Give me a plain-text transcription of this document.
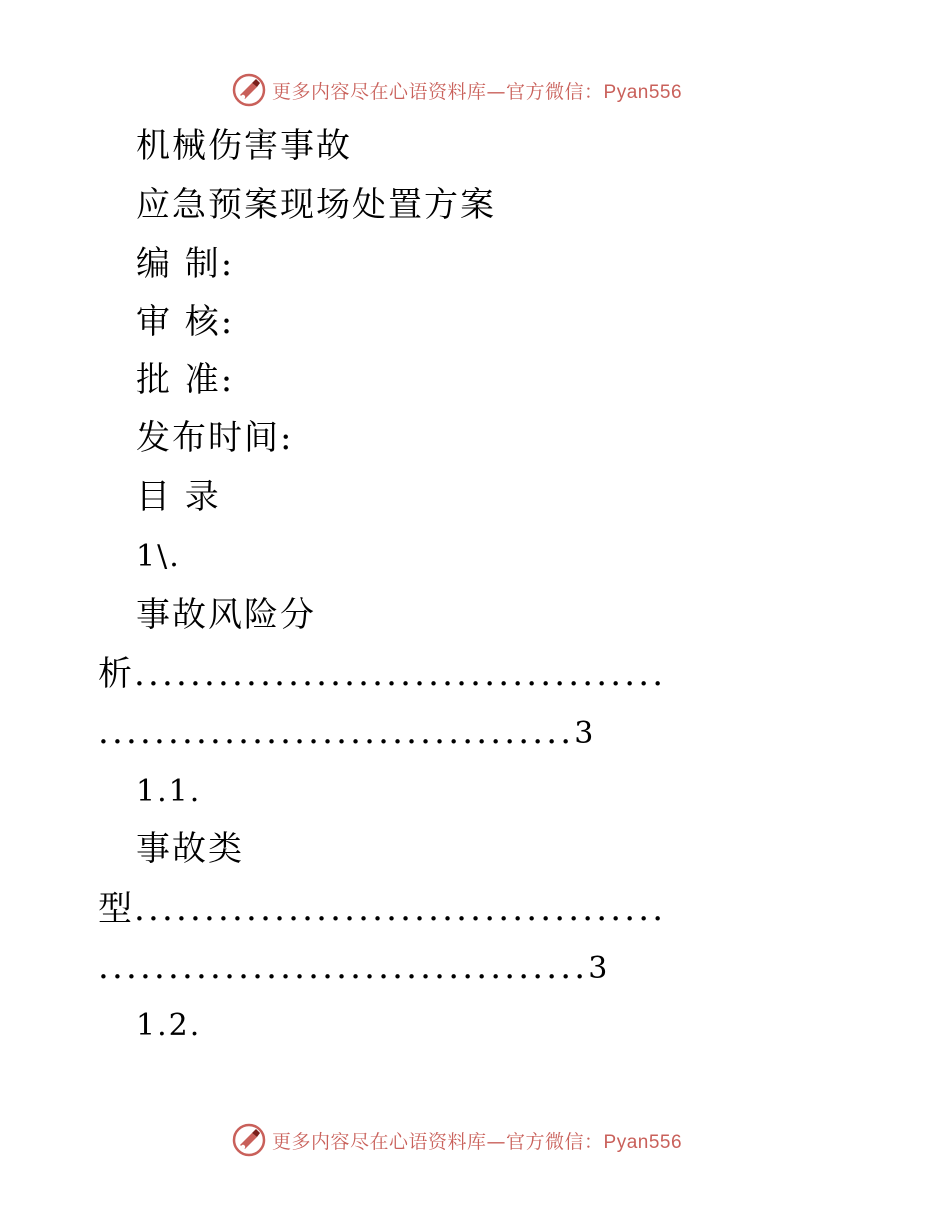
更多内容尽在心语资料库—官方微信：Pyan556
机械伤害事故
应急预案现场处置方案
编 制:
审 核:
批 准:
发布时间:
目 录
1\.
事故风险分
析......................................
..................................3
1.1.
事故类
型......................................
...................................3
1.2.
更多内容尽在心语资料库—官方微信：Pyan556
